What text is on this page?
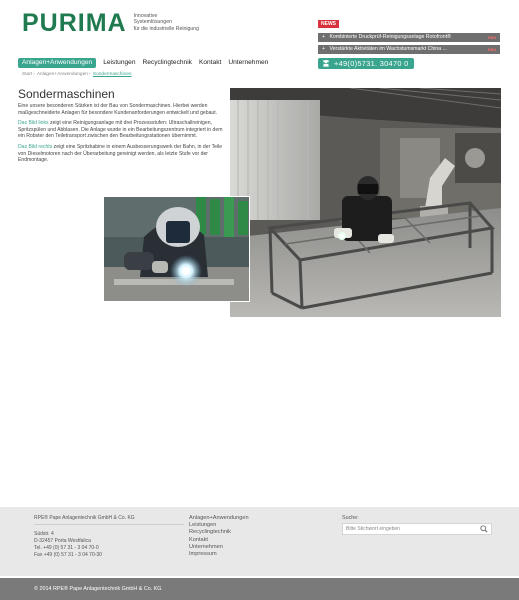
PURIMA Innovative
Systemlösungen
für die industrielle Reinigung
NEWS
+ Kombinierte Druckprüf-Reinigungsanlage Rotofront®	neu
+ Verstärkte Aktivitäten im Wachstumsmarkt China ...	neu
Anlagen+Anwendungen	Leistungen Recyclingtechnik Kontakt Unternehmen	+49(0)5731. 30470 0
Start› Anlagen+Anwendungen› Sondermaschinen
Sondermaschinen

Eine unsere besonderen Stärken ist der Bau von Sondermaschinen. Hierbei werden maßgeschneiderte Anlagen für besondere Kundenanforderungen entwickelt und gebaut.

Das Bild links zeigt eine Reinigungsanlage mit drei Prozessstufen: Ultraschallreinigen, Spritzspülen und Abblasen. Die Anlage wurde in ein Bearbeitungszentrum integriert in dem ein Robster den Teiletransport zwischen den Bearbeitungsstationen übernimmt.

Das Bild rechts zeigt eine Spritzkabine in einem Ausbesserungswerk der Bahn, in der Teile von Dieselmotoren nach der Überarbeitung gereinigt werden, als letzte Stufe vor der Endmontage.

RPE® Pape Anlagentechnik GmbH & Co. KG
Südstr. 4
D-32457 Porta Westfalica
Tel. +49 (0) 57 31 - 3 04 70-0
Fax +49 (0) 57 31 - 3 04 70-30
Anlagen+Anwendungen
Leistungen
Recyclingtechnik
Kontakt
Unternehmen
Impressum
Suche:
Bitte Stichwort eingeben
© 2014 RPE® Pape Anlagentechnik GmbH & Co. KG
